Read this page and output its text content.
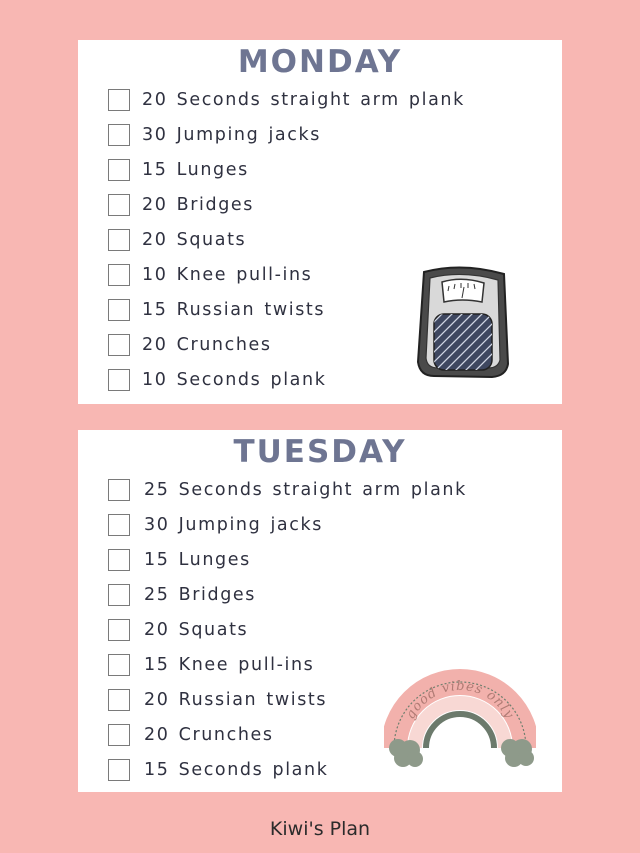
MONDAY
20 Seconds straight arm plank
30 Jumping jacks
15 Lunges
20 Bridges
20 Squats
10 Knee pull-ins
15 Russian twists
20 Crunches
10 Seconds plank
TUESDAY
25 Seconds straight arm plank
30 Jumping jacks
15 Lunges
25 Bridges
20 Squats
15 Knee pull-ins
20 Russian twists
20 Crunches
15 Seconds plank
good vibes only
Kiwi's Plan
